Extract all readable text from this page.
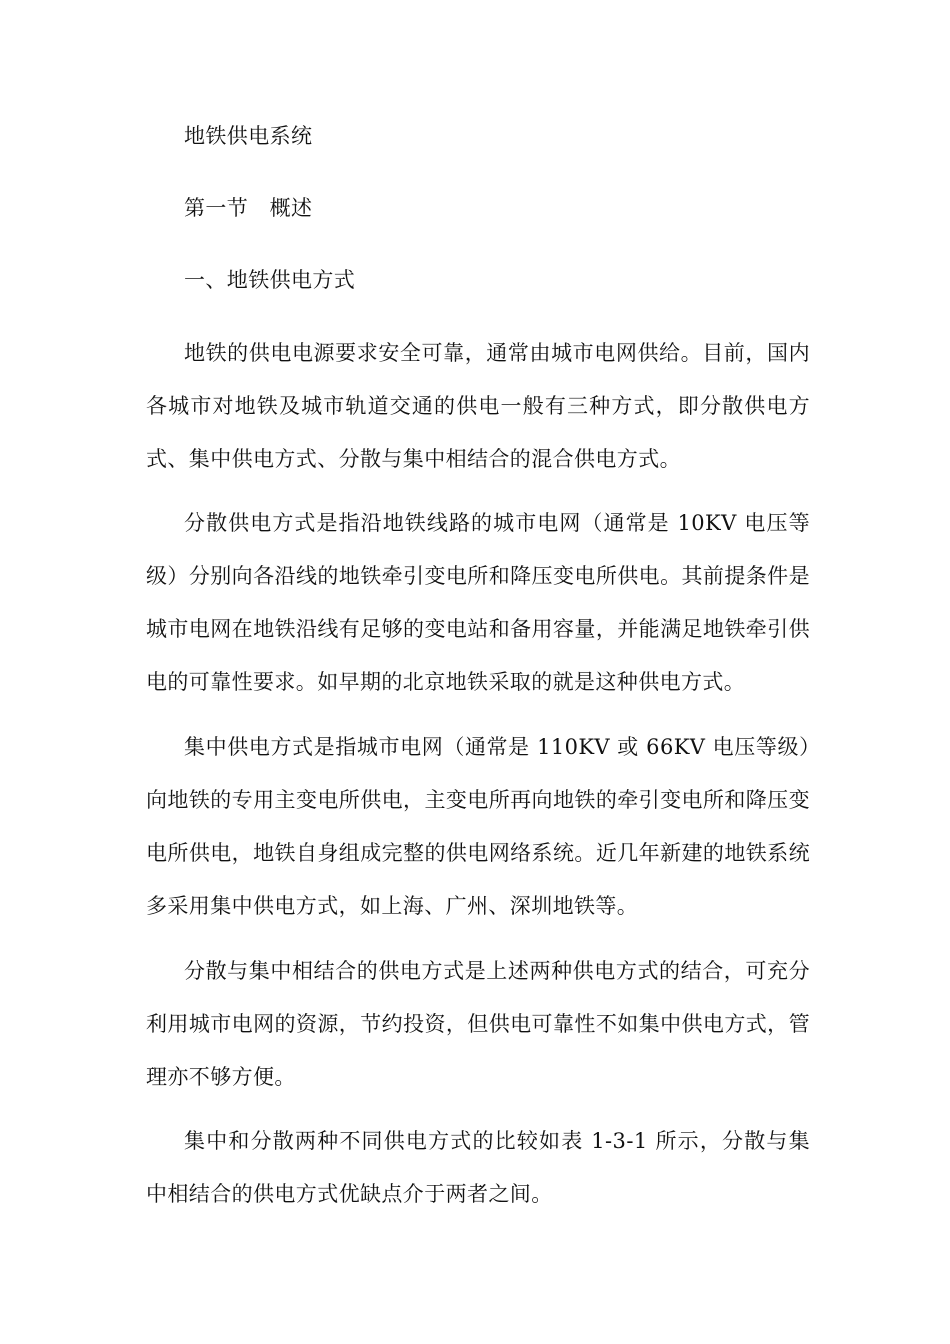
地铁供电系统
第一节　概述
一、地铁供电方式

地铁的供电电源要求安全可靠，通常由城市电网供给。目前，国内各城市对地铁及城市轨道交通的供电一般有三种方式，即分散供电方式、集中供电方式、分散与集中相结合的混合供电方式。

分散供电方式是指沿地铁线路的城市电网（通常是 10KV 电压等级）分别向各沿线的地铁牵引变电所和降压变电所供电。其前提条件是城市电网在地铁沿线有足够的变电站和备用容量，并能满足地铁牵引供电的可靠性要求。如早期的北京地铁采取的就是这种供电方式。

集中供电方式是指城市电网（通常是 110KV 或 66KV 电压等级）向地铁的专用主变电所供电，主变电所再向地铁的牵引变电所和降压变电所供电，地铁自身组成完整的供电网络系统。近几年新建的地铁系统多采用集中供电方式，如上海、广州、深圳地铁等。

分散与集中相结合的供电方式是上述两种供电方式的结合，可充分利用城市电网的资源，节约投资，但供电可靠性不如集中供电方式，管理亦不够方便。

集中和分散两种不同供电方式的比较如表 1-3-1 所示，分散与集中相结合的供电方式优缺点介于两者之间。
